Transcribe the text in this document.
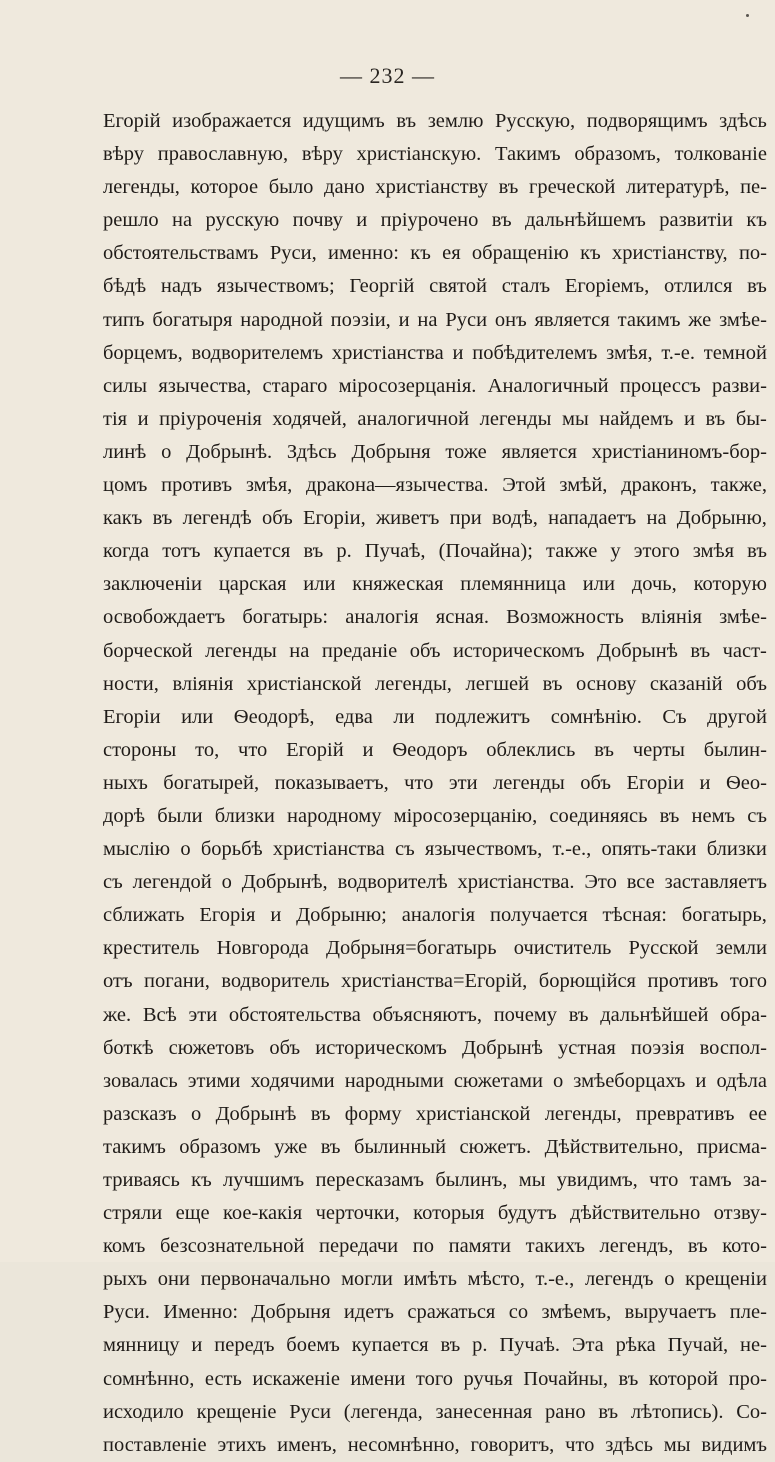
— 232 —
Егорій изображается идущимъ въ землю Русскую, подворящимъ здѣсь
вѣру православную, вѣру христіанскую. Такимъ образомъ, толкованіе
легенды, которое было дано христіанству въ греческой литературѣ, пе-
решло на русскую почву и пріурочено въ дальнѣйшемъ развитіи къ
обстоятельствамъ Руси, именно: къ ея обращенію къ христіанству, по-
бѣдѣ надъ язычествомъ; Георгій святой сталъ Егоріемъ, отлился въ
типъ богатыря народной поэзіи, и на Руси онъ является такимъ же змѣе-
борцемъ, водворителемъ христіанства и побѣдителемъ змѣя, т.-е. темной
силы язычества, стараго міросозерцанія. Аналогичный процессъ разви-
тія и пріуроченія ходячей, аналогичной легенды мы найдемъ и въ бы-
линѣ о Добрынѣ. Здѣсь Добрыня тоже является христіаниномъ-бор-
цомъ противъ змѣя, дракона—язычества. Этой змѣй, драконъ, также,
какъ въ легендѣ объ Егоріи, живетъ при водѣ, нападаетъ на Добрыню,
когда тотъ купается въ р. Пучаѣ, (Почайна); также у этого змѣя въ
заключеніи царская или княжеская племянница или дочь, которую
освобождаетъ богатырь: аналогія ясная. Возможность вліянія змѣе-
борческой легенды на преданіе объ историческомъ Добрынѣ въ част-
ности, вліянія христіанской легенды, легшей въ основу сказаній объ
Егоріи или Ѳеодорѣ, едва ли подлежитъ сомнѣнію. Съ другой
стороны то, что Егорій и Ѳеодоръ облеклись въ черты былин-
ныхъ богатырей, показываетъ, что эти легенды объ Егоріи и Ѳео-
дорѣ были близки народному міросозерцанію, соединяясь въ немъ съ
мыслію о борьбѣ христіанства съ язычествомъ, т.-е., опять-таки близки
съ легендой о Добрынѣ, водворителѣ христіанства. Это все заставляетъ
сближать Егорія и Добрыню; аналогія получается тѣсная: богатырь,
креститель Новгорода Добрыня=богатырь очиститель Русской земли
отъ погани, водворитель христіанства=Егорій, борющійся противъ того
же. Всѣ эти обстоятельства объясняютъ, почему въ дальнѣйшей обра-
боткѣ сюжетовъ объ историческомъ Добрынѣ устная поэзія воспол-
зовалась этими ходячими народными сюжетами о змѣеборцахъ и одѣла
разсказъ о Добрынѣ въ форму христіанской легенды, превративъ ее
такимъ образомъ уже въ былинный сюжетъ. Дѣйствительно, присма-
триваясь къ лучшимъ пересказамъ былинъ, мы увидимъ, что тамъ за-
стряли еще кое-какія черточки, которыя будутъ дѣйствительно отзву-
комъ безсознательной передачи по памяти такихъ легендъ, въ кото-
рыхъ они первоначально могли имѣть мѣсто, т.-е., легендъ о крещеніи
Руси. Именно: Добрыня идетъ сражаться со змѣемъ, выручаетъ пле-
мянницу и передъ боемъ купается въ р. Пучаѣ. Эта рѣка Пучай, не-
сомнѣнно, есть искаженіе имени того ручья Почайны, въ которой про-
исходило крещеніе Руси (легенда, занесенная рано въ лѣтопись). Со-
поставленіе этихъ именъ, несомнѣнно, говоритъ, что здѣсь мы видимъ
